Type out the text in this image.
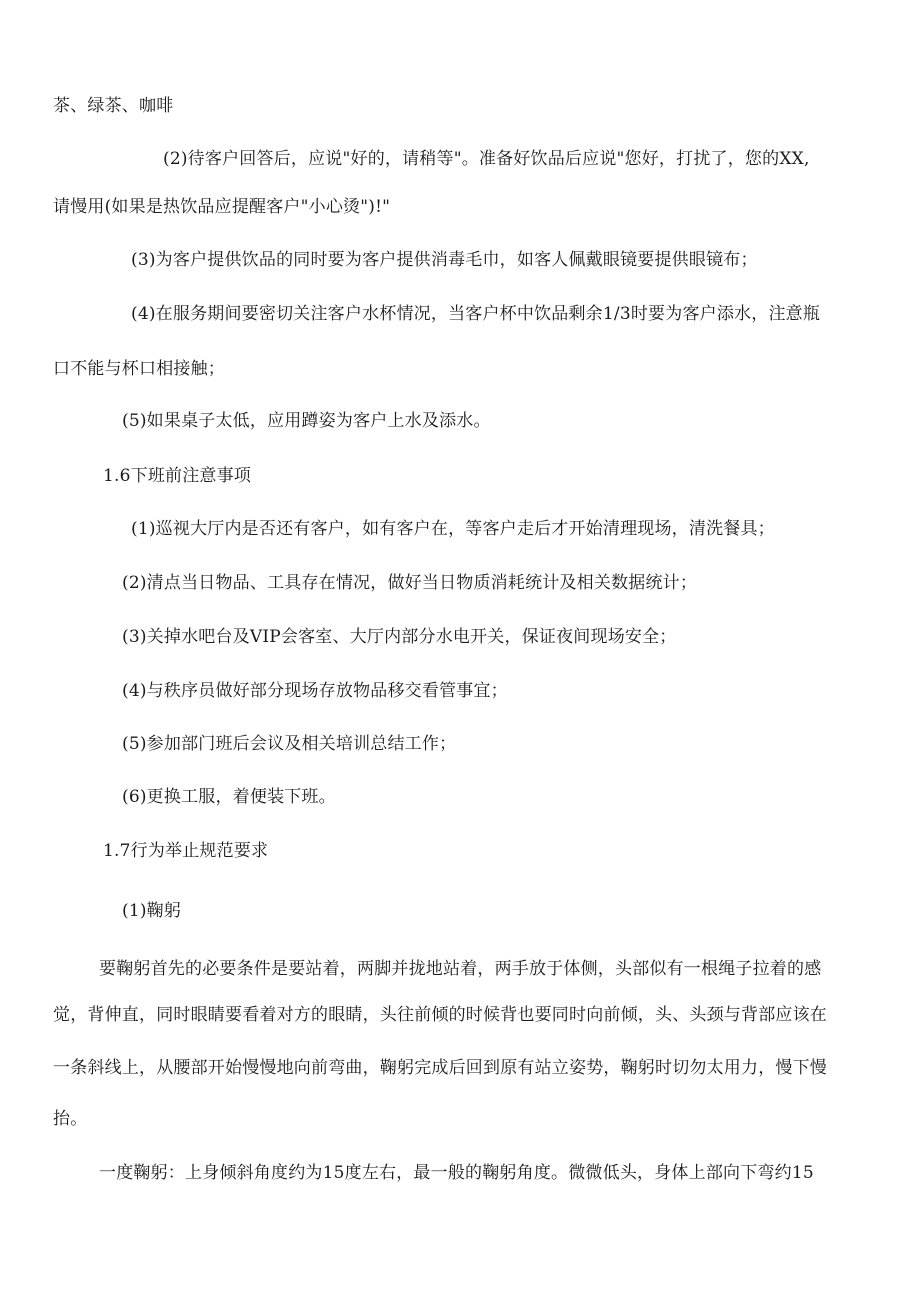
茶、绿茶、咖啡
(2)待客户回答后，应说"好的，请稍等"。准备好饮品后应说"您好，打扰了，您的XX,
请慢用(如果是热饮品应提醒客户"小心烫")!"
(3)为客户提供饮品的同时要为客户提供消毒毛巾，如客人佩戴眼镜要提供眼镜布；
(4)在服务期间要密切关注客户水杯情况，当客户杯中饮品剩余1/3时要为客户添水，注意瓶
口不能与杯口相接触；
(5)如果桌子太低，应用蹲姿为客户上水及添水。
1.6下班前注意事项
(1)巡视大厅内是否还有客户，如有客户在，等客户走后才开始清理现场，清洗餐具；
(2)清点当日物品、工具存在情况，做好当日物质消耗统计及相关数据统计；
(3)关掉水吧台及VIP会客室、大厅内部分水电开关，保证夜间现场安全；
(4)与秩序员做好部分现场存放物品移交看管事宜；
(5)参加部门班后会议及相关培训总结工作；
(6)更换工服，着便装下班。
1.7行为举止规范要求
(1)鞠躬
要鞠躬首先的必要条件是要站着，两脚并拢地站着，两手放于体侧，头部似有一根绳子拉着的感
觉，背伸直，同时眼睛要看着对方的眼睛，头往前倾的时候背也要同时向前倾，头、头颈与背部应该在
一条斜线上，从腰部开始慢慢地向前弯曲，鞠躬完成后回到原有站立姿势，鞠躬时切勿太用力，慢下慢
抬。
一度鞠躬：上身倾斜角度约为15度左右，最一般的鞠躬角度。微微低头，身体上部向下弯约15
